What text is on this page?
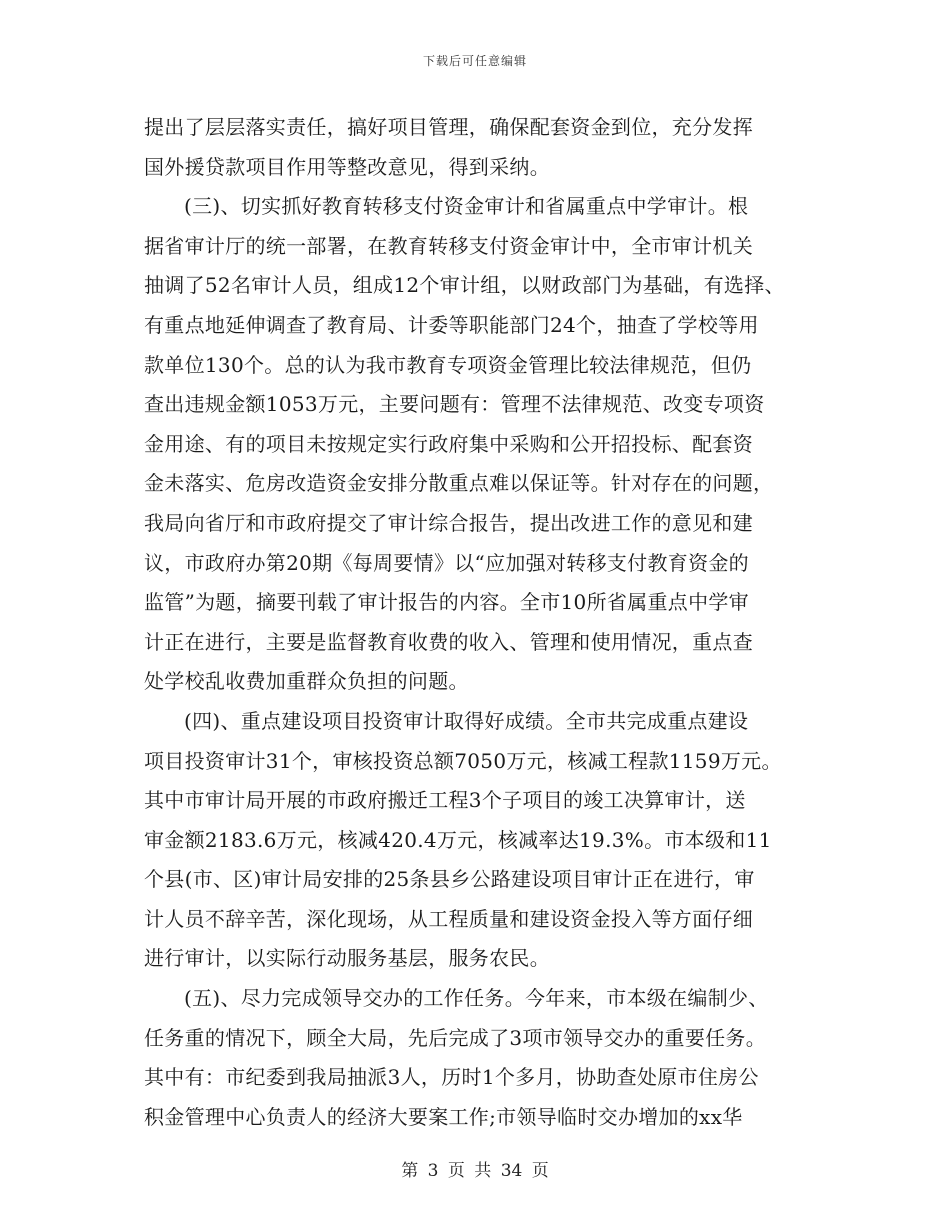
下载后可任意编辑
提出了层层落实责任，搞好项目管理，确保配套资金到位，充分发挥
国外援贷款项目作用等整改意见，得到采纳。
(三)、切实抓好教育转移支付资金审计和省属重点中学审计。根
据省审计厅的统一部署，在教育转移支付资金审计中，全市审计机关
抽调了52名审计人员，组成12个审计组，以财政部门为基础，有选择、
有重点地延伸调查了教育局、计委等职能部门24个，抽查了学校等用
款单位130个。总的认为我市教育专项资金管理比较法律规范，但仍
查出违规金额1053万元，主要问题有：管理不法律规范、改变专项资
金用途、有的项目未按规定实行政府集中采购和公开招投标、配套资
金未落实、危房改造资金安排分散重点难以保证等。针对存在的问题，
我局向省厅和市政府提交了审计综合报告，提出改进工作的意见和建
议，市政府办第20期《每周要情》以“应加强对转移支付教育资金的
监管”为题，摘要刊载了审计报告的内容。全市10所省属重点中学审
计正在进行，主要是监督教育收费的收入、管理和使用情况，重点查
处学校乱收费加重群众负担的问题。
(四)、重点建设项目投资审计取得好成绩。全市共完成重点建设
项目投资审计31个，审核投资总额7050万元，核减工程款1159万元。
其中市审计局开展的市政府搬迁工程3个子项目的竣工决算审计，送
审金额2183.6万元，核减420.4万元，核减率达19.3%。市本级和11
个县(市、区)审计局安排的25条县乡公路建设项目审计正在进行，审
计人员不辞辛苦，深化现场，从工程质量和建设资金投入等方面仔细
进行审计，以实际行动服务基层，服务农民。
(五)、尽力完成领导交办的工作任务。今年来，市本级在编制少、
任务重的情况下，顾全大局，先后完成了3项市领导交办的重要任务。
其中有：市纪委到我局抽派3人，历时1个多月，协助查处原市住房公
积金管理中心负责人的经济大要案工作;市领导临时交办增加的xx华
第 3 页 共 34 页
